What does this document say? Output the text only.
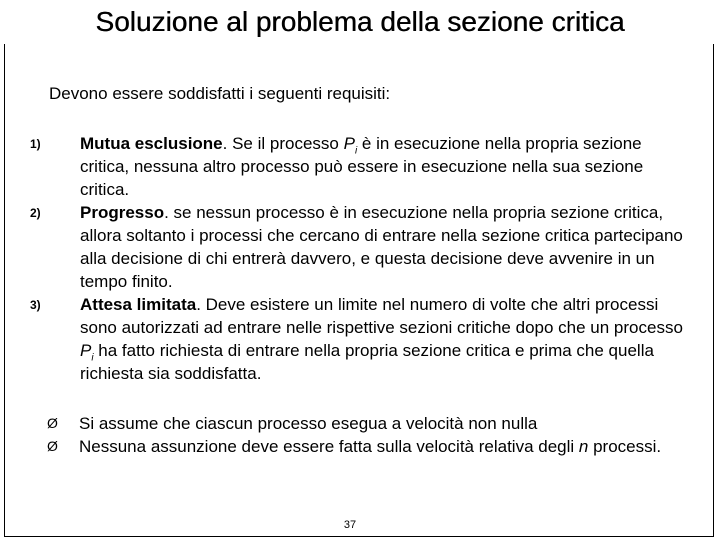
Soluzione al problema della sezione critica

Devono essere soddisfatti i seguenti requisiti:

1) Mutua esclusione. Se il processo $P_i$ è in esecuzione nella propria sezione critica, nessuna altro processo può essere in esecuzione nella sua sezione critica.
2) Progresso. se nessun processo è in esecuzione nella propria sezione critica, allora soltanto i processi che cercano di entrare nella sezione critica partecipano alla decisione di chi entrerà davvero, e questa decisione deve avvenire in un tempo finito.
3) Attesa limitata. Deve esistere un limite nel numero di volte che altri processi sono autorizzati ad entrare nelle rispettive sezioni critiche dopo che un processo $P_i$ ha fatto richiesta di entrare nella propria sezione critica e prima che quella richiesta sia soddisfatta.
Ø Si assume che ciascun processo esegua a velocità non nulla
Ø Nessuna assunzione deve essere fatta sulla velocità relativa degli n processi.
37
